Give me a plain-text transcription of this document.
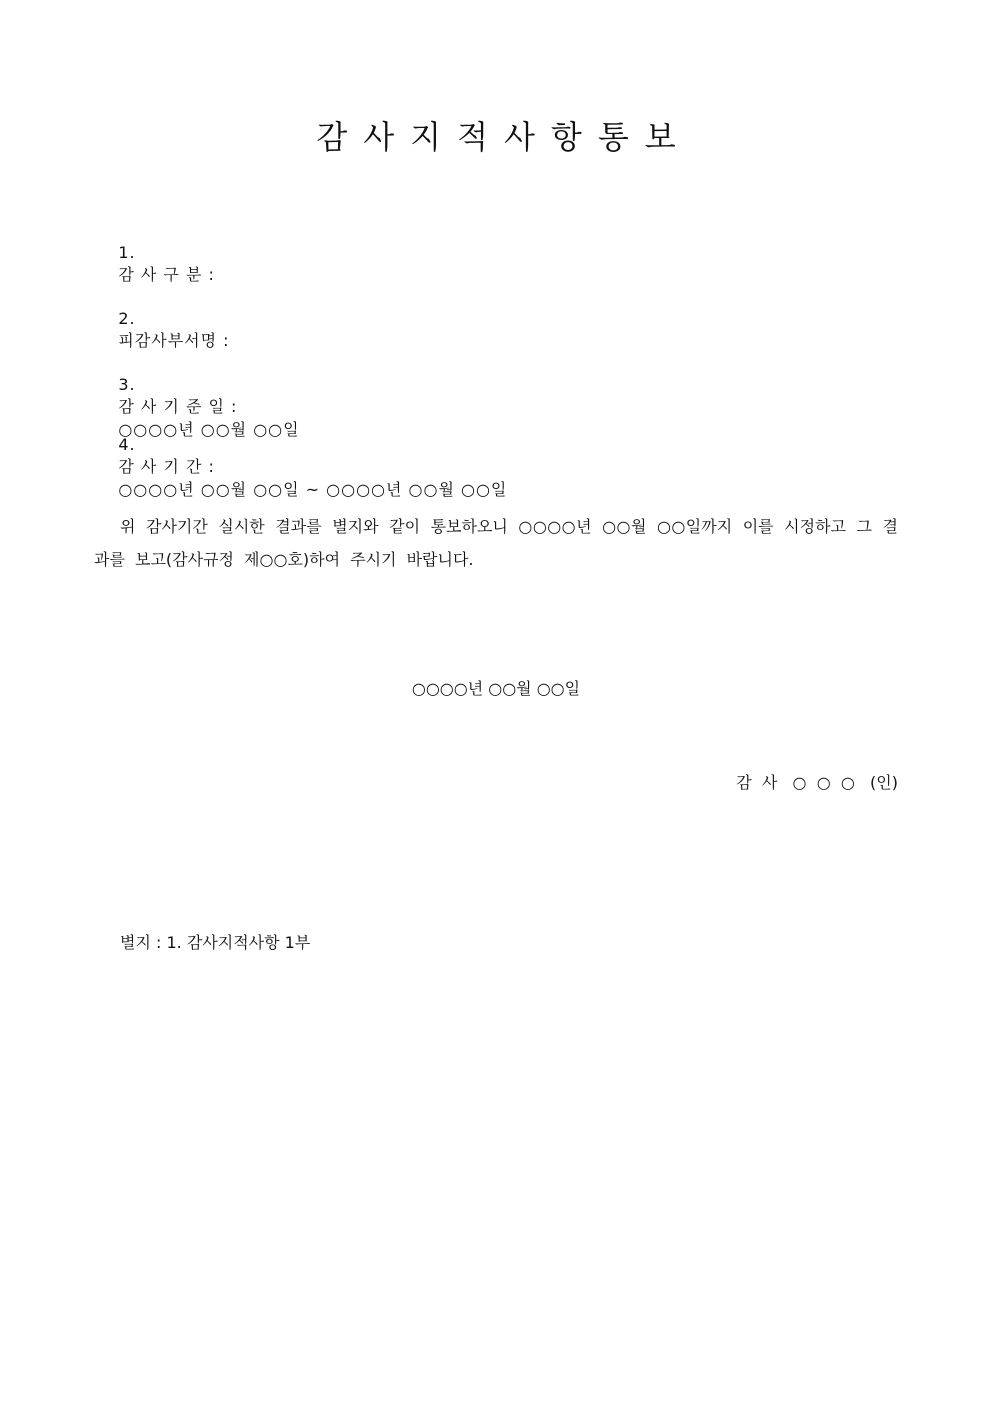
감사지적사항통보

1.
감 사 구 분 :

2.
피감사부서명 :

3.
감 사 기 준 일 :
○○○○년 ○○월 ○○일

4.
감 사 기 간 :
○○○○년 ○○월 ○○일 ~ ○○○○년 ○○월 ○○일

위 감사기간 실시한 결과를 별지와 같이 통보하오니 ○○○○년 ○○월 ○○일까지 이를 시정하고 그 결과를 보고(감사규정 제○○호)하여 주시기 바랍니다.
○○○○년 ○○월 ○○일
감  사   ○  ○  ○   (인)
별지 : 1. 감사지적사항 1부
